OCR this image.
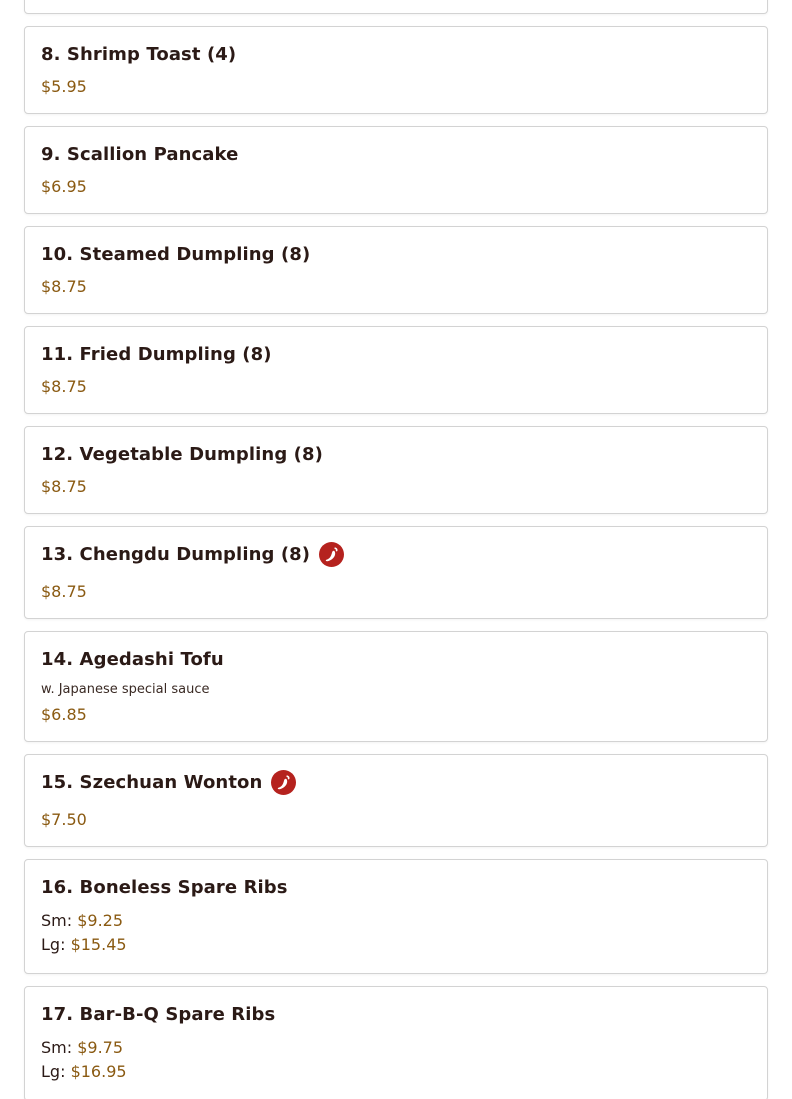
8. Shrimp Toast (4)
$5.95
9. Scallion Pancake
$6.95
10. Steamed Dumpling (8)
$8.75
11. Fried Dumpling (8)
$8.75
12. Vegetable Dumpling (8)
$8.75
13. Chengdu Dumpling (8)
$8.75
14. Agedashi Tofu
w. Japanese special sauce
$6.85
15. Szechuan Wonton
$7.50
16. Boneless Spare Ribs
Sm: $9.25
Lg: $15.45
17. Bar-B-Q Spare Ribs
Sm: $9.75
Lg: $16.95
